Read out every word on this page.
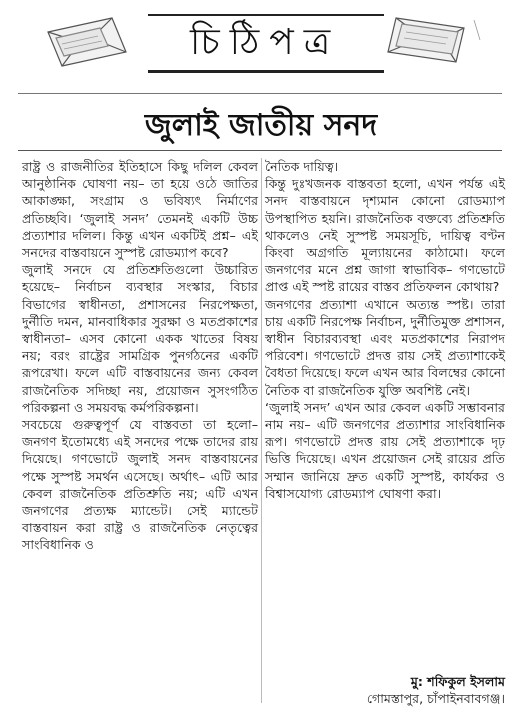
চিঠিপত্র
জুলাই জাতীয় সনদ
রাষ্ট্র ও রাজনীতির ইতিহাসে কিছু দলিল কেবল আনুষ্ঠানিক ঘোষণা নয়– তা হয়ে ওঠে জাতির আকাঙ্ক্ষা, সংগ্রাম ও ভবিষ্যৎ নির্মাণের প্রতিচ্ছবি। ‘জুলাই সনদ’ তেমনই একটি উচ্চ প্রত্যাশার দলিল। কিন্তু এখন একটিই প্রশ্ন– এই সনদের বাস্তবায়নে সুস্পষ্ট রোডম্যাপ কবে?
জুলাই সনদে যে প্রতিশ্রুতিগুলো উচ্চারিত হয়েছে– নির্বাচন ব্যবস্থার সংস্কার, বিচার বিভাগের স্বাধীনতা, প্রশাসনের নিরপেক্ষতা, দুর্নীতি দমন, মানবাধিকার সুরক্ষা ও মতপ্রকাশের স্বাধীনতা– এসব কোনো একক খাতের বিষয় নয়; বরং রাষ্ট্রের সামগ্রিক পুনর্গঠনের একটি রূপরেখা। ফলে এটি বাস্তবায়নের জন্য কেবল রাজনৈতিক সদিচ্ছা নয়, প্রয়োজন সুসংগঠিত পরিকল্পনা ও সময়বদ্ধ কর্মপরিকল্পনা।
সবচেয়ে গুরুত্বপূর্ণ যে বাস্তবতা তা হলো– জনগণ ইতোমধ্যে এই সনদের পক্ষে তাদের রায় দিয়েছে। গণভোটে জুলাই সনদ বাস্তবায়নের পক্ষে সুস্পষ্ট সমর্থন এসেছে। অর্থাৎ– এটি আর কেবল রাজনৈতিক প্রতিশ্রুতি নয়; এটি এখন জনগণের প্রত্যক্ষ ম্যান্ডেট। সেই ম্যান্ডেট বাস্তবায়ন করা রাষ্ট্র ও রাজনৈতিক নেতৃত্বের সাংবিধানিক ও
নৈতিক দায়িত্ব।
কিন্তু দুঃখজনক বাস্তবতা হলো, এখন পর্যন্ত এই সনদ বাস্তবায়নে দৃশ্যমান কোনো রোডম্যাপ উপস্থাপিত হয়নি। রাজনৈতিক বক্তব্যে প্রতিশ্রুতি থাকলেও নেই সুস্পষ্ট সময়সূচি, দায়িত্ব বণ্টন কিংবা অগ্রগতি মূল্যায়নের কাঠামো। ফলে জনগণের মনে প্রশ্ন জাগা স্বাভাবিক– গণভোটে প্রাপ্ত এই স্পষ্ট রায়ের বাস্তব প্রতিফলন কোথায়?
জনগণের প্রত্যাশা এখানে অত্যন্ত স্পষ্ট। তারা চায় একটি নিরপেক্ষ নির্বাচন, দুর্নীতিমুক্ত প্রশাসন, স্বাধীন বিচারব্যবস্থা এবং মতপ্রকাশের নিরাপদ পরিবেশ। গণভোটে প্রদত্ত রায় সেই প্রত্যাশাকেই বৈধতা দিয়েছে। ফলে এখন আর বিলম্বের কোনো নৈতিক বা রাজনৈতিক যুক্তি অবশিষ্ট নেই।
‘জুলাই সনদ’ এখন আর কেবল একটি সম্ভাবনার নাম নয়– এটি জনগণের প্রত্যাশার সাংবিধানিক রূপ। গণভোটে প্রদত্ত রায় সেই প্রত্যাশাকে দৃঢ় ভিত্তি দিয়েছে। এখন প্রয়োজন সেই রায়ের প্রতি সম্মান জানিয়ে দ্রুত একটি সুস্পষ্ট, কার্যকর ও বিশ্বাসযোগ্য রোডম্যাপ ঘোষণা করা।
মু: শফিকুল ইসলাম
গোমস্তাপুর, চাঁপাইনবাবগঞ্জ।
